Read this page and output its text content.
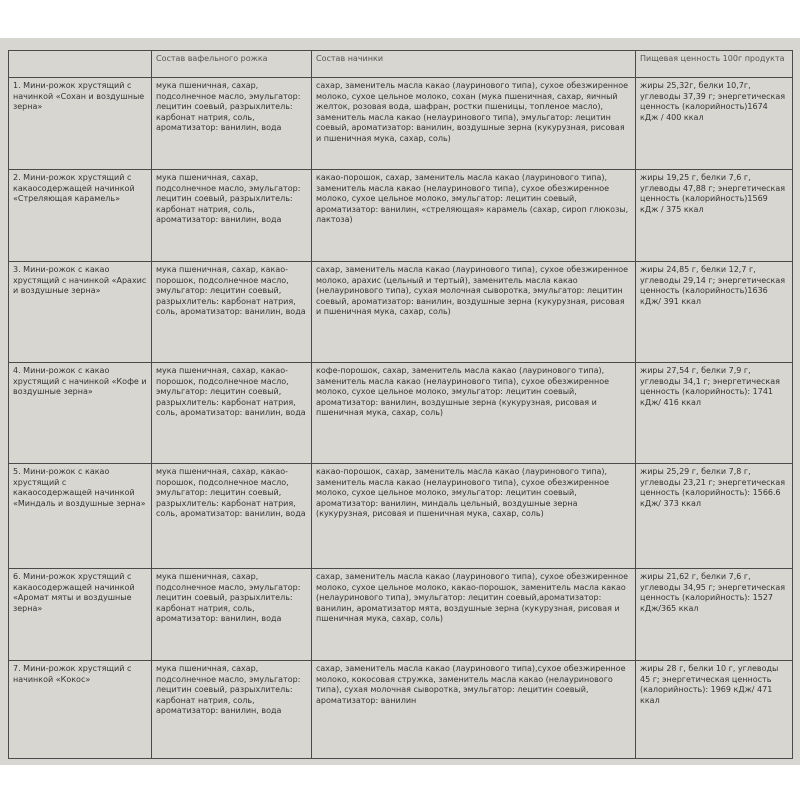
	Состав вафельного рожка	Состав начинки	Пищевая ценность 100г продукта
1. Мини-рожок хрустящий с начинкой «Сохан и воздушные зерна»	мука пшеничная, сахар, подсолнечное масло, эмульгатор: лецитин соевый, разрыхлитель: карбонат натрия, соль, ароматизатор: ванилин, вода	сахар, заменитель масла какао (лауринового типа), сухое обезжиренное молоко, сухое цельное молоко, сохан (мука пшеничная, сахар, яичный желток, розовая вода, шафран, ростки пшеницы, топленое масло), заменитель масла какао (нелауринового типа), эмульгатор: лецитин соевый, ароматизатор: ванилин, воздушные зерна (кукурузная, рисовая и пшеничная мука, сахар, соль)	жиры 25,32г, белки 10,7г, углеводы 37,39 г; энергетическая ценность (калорийность)1674 кДж / 400 ккал
2. Мини-рожок хрустящий с какаосодержащей начинкой «Стреляющая карамель»	мука пшеничная, сахар, подсолнечное масло, эмульгатор: лецитин соевый, разрыхлитель: карбонат натрия, соль, ароматизатор: ванилин, вода	какао-порошок, сахар, заменитель масла какао (лауринового типа), заменитель масла какао (нелауринового типа), сухое обезжиренное молоко, сухое цельное молоко, эмульгатор: лецитин соевый, ароматизатор: ванилин, «стреляющая» карамель (сахар, сироп глюкозы, лактоза)	жиры 19,25 г, белки 7,6 г, углеводы 47,88 г; энергетическая ценность (калорийность)1569 кДж / 375 ккал
3. Мини-рожок с какао хрустящий с начинкой «Арахис и воздушные зерна»	мука пшеничная, сахар, какао-порошок, подсолнечное масло, эмульгатор: лецитин соевый, разрыхлитель: карбонат натрия, соль, ароматизатор: ванилин, вода	сахар, заменитель масла какао (лауринового типа), сухое обезжиренное молоко, арахис (цельный и тертый), заменитель масла какао (нелауринового типа), сухая молочная сыворотка, эмульгатор: лецитин соевый, ароматизатор: ванилин, воздушные зерна (кукурузная, рисовая и пшеничная мука, сахар, соль)	жиры 24,85 г, белки 12,7 г, углеводы 29,14 г; энергетическая ценность (калорийность)1636 кДж/ 391 ккал
4. Мини-рожок с какао хрустящий с начинкой «Кофе и воздушные зерна»	мука пшеничная, сахар, какао-порошок, подсолнечное масло, эмульгатор: лецитин соевый, разрыхлитель: карбонат натрия, соль, ароматизатор: ванилин, вода	кофе-порошок, сахар, заменитель масла какао (лауринового типа), заменитель масла какао (нелауринового типа), сухое обезжиренное молоко, сухое цельное молоко, эмульгатор: лецитин соевый, ароматизатор: ванилин, воздушные зерна (кукурузная, рисовая и пшеничная мука, сахар, соль)	жиры 27,54 г, белки 7,9 г, углеводы 34,1 г; энергетическая ценность (калорийность): 1741 кДж/ 416 ккал
5. Мини-рожок с какао хрустящий с какаосодержащей начинкой «Миндаль и воздушные зерна»	мука пшеничная, сахар, какао-порошок, подсолнечное масло, эмульгатор: лецитин соевый, разрыхлитель: карбонат натрия, соль, ароматизатор: ванилин, вода	какао-порошок, сахар, заменитель масла какао (лауринового типа), заменитель масла какао (нелауринового типа), сухое обезжиренное молоко, сухое цельное молоко, эмульгатор: лецитин соевый, ароматизатор: ванилин, миндаль цельный, воздушные зерна (кукурузная, рисовая и пшеничная мука, сахар, соль)	жиры 25,29 г, белки 7,8 г, углеводы 23,21 г; энергетическая ценность (калорийность): 1566.6 кДж/ 373 ккал
6. Мини-рожок хрустящий с какаосодержащей начинкой «Аромат мяты и воздушные зерна»	мука пшеничная, сахар, подсолнечное масло, эмульгатор: лецитин соевый, разрыхлитель: карбонат натрия, соль, ароматизатор: ванилин, вода	сахар, заменитель масла какао (лауринового типа), сухое обезжиренное молоко, сухое цельное молоко, какао-порошок, заменитель масла какао (нелауринового типа), эмульгатор: лецитин соевый,ароматизатор: ванилин, ароматизатор мята, воздушные зерна (кукурузная, рисовая и пшеничная мука, сахар, соль)	жиры 21,62 г, белки 7,6 г, углеводы 34,95 г; энергетическая ценность (калорийность): 1527 кДж/365 ккал
7. Мини-рожок хрустящий с начинкой «Кокос»	мука пшеничная, сахар, подсолнечное масло, эмульгатор: лецитин соевый, разрыхлитель: карбонат натрия, соль, ароматизатор: ванилин, вода	сахар, заменитель масла какао (лауринового типа),сухое обезжиренное молоко, кокосовая стружка, заменитель масла какао (нелауринового типа), сухая молочная сыворотка, эмульгатор: лецитин соевый, ароматизатор: ванилин	жиры 28 г, белки 10 г, углеводы 45 г; энергетическая ценность (калорийность): 1969 кДж/ 471 ккал
